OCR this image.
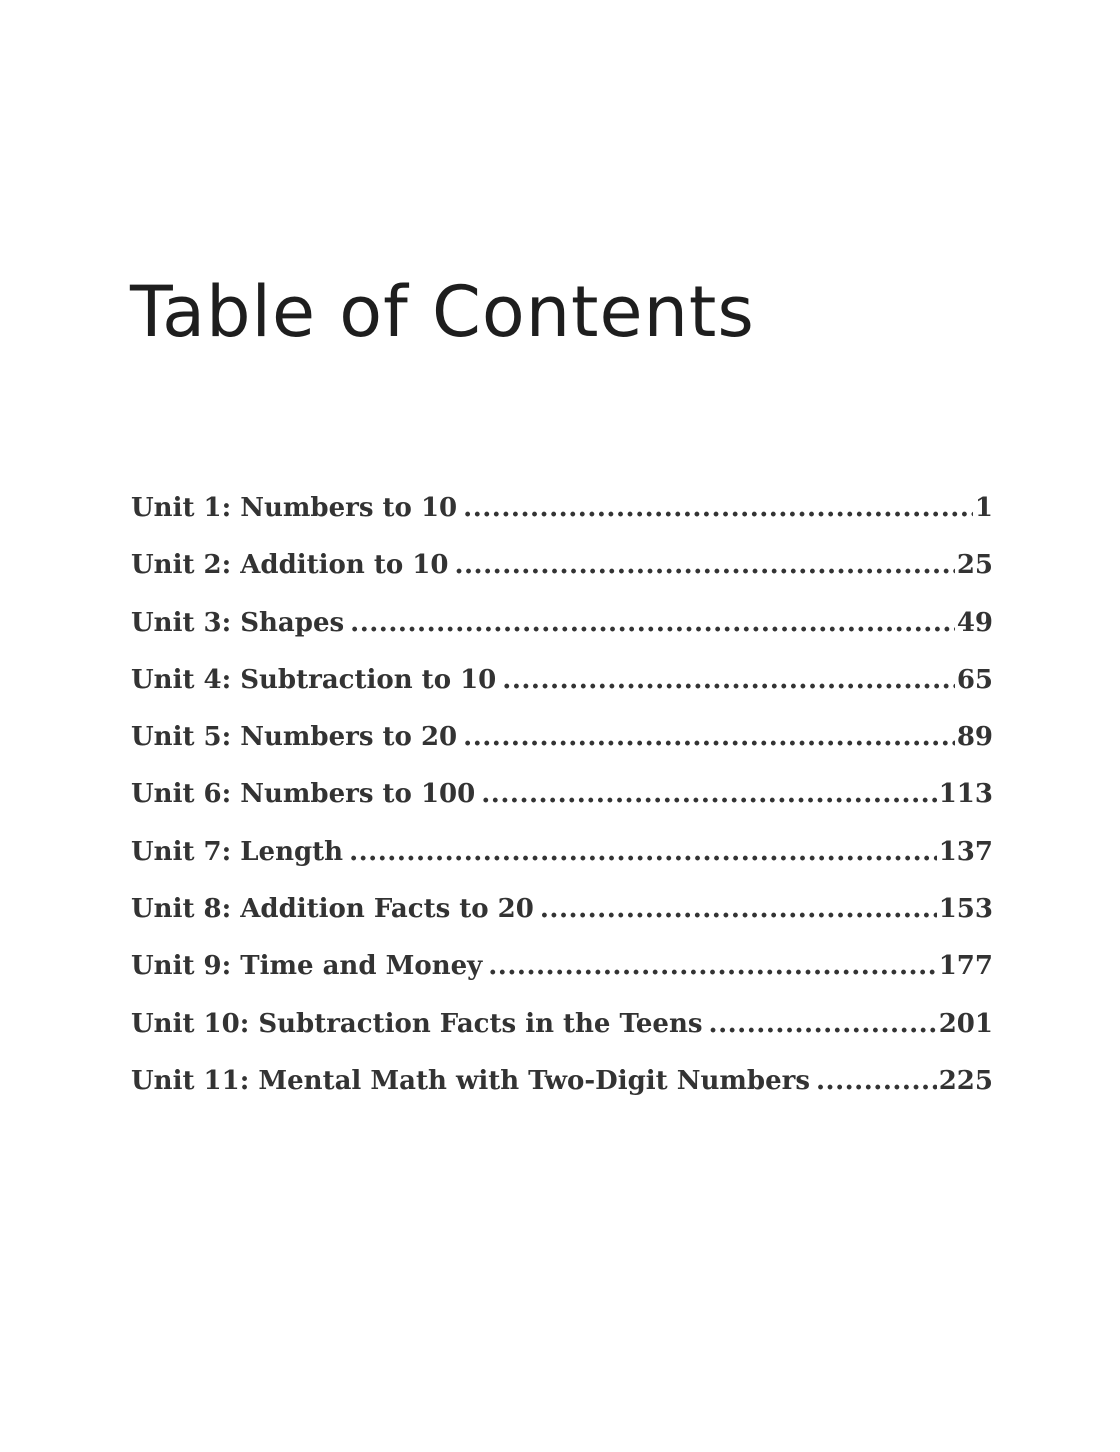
Table of Contents
Unit 1: Numbers to 10 .....	1
Unit 2: Addition to 10 .....	25
Unit 3: Shapes .....	49
Unit 4: Subtraction to 10 .....	65
Unit 5: Numbers to 20 .....	89
Unit 6: Numbers to 100 .....	113
Unit 7: Length .....	137
Unit 8: Addition Facts to 20 .....	153
Unit 9: Time and Money .....	177
Unit 10: Subtraction Facts in the Teens .....	201
Unit 11: Mental Math with Two-Digit Numbers .....	225
